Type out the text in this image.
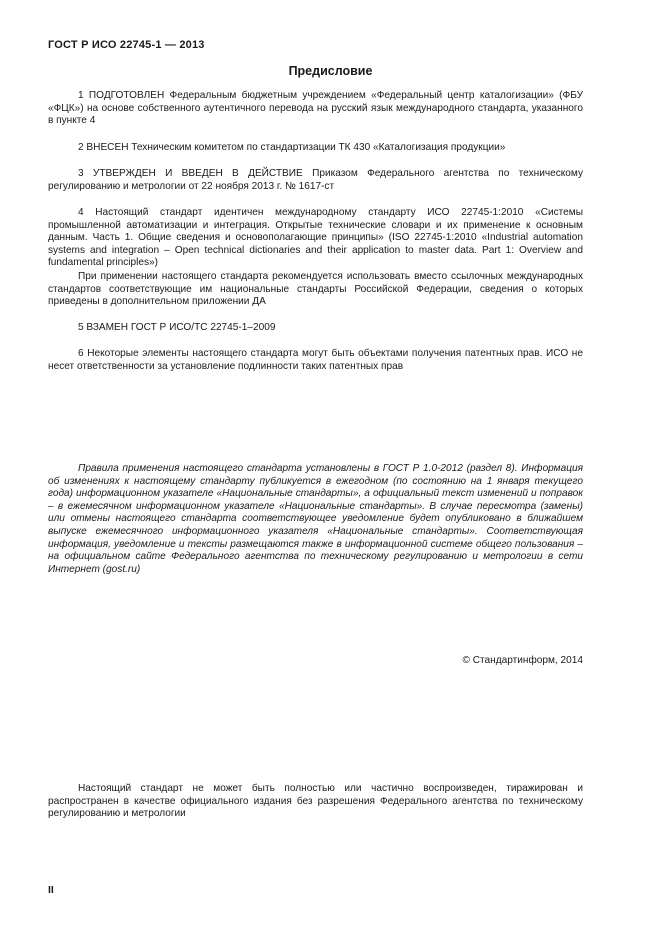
ГОСТ Р ИСО 22745-1 — 2013
Предисловие
1 ПОДГОТОВЛЕН Федеральным бюджетным учреждением «Федеральный центр каталогизации» (ФБУ «ФЦК») на основе собственного аутентичного перевода на русский язык международного стандарта, указанного в пункте 4
2 ВНЕСЕН Техническим комитетом по стандартизации ТК 430 «Каталогизация продукции»
3 УТВЕРЖДЕН И ВВЕДЕН В ДЕЙСТВИЕ Приказом Федерального агентства по техническому регулированию и метрологии от 22 ноября 2013 г. № 1617-ст
4 Настоящий стандарт идентичен международному стандарту ИСО 22745-1:2010 «Системы промышленной автоматизации и интеграция. Открытые технические словари и их применение к основным данным. Часть 1. Общие сведения и основополагающие принципы» (ISO 22745-1:2010 «Industrial automation systems and integration – Open technical dictionaries and their application to master data. Part 1: Overview and fundamental principles»)
При применении настоящего стандарта рекомендуется использовать вместо ссылочных международных стандартов соответствующие им национальные стандарты Российской Федерации, сведения о которых приведены в дополнительном приложении ДА
5 ВЗАМЕН ГОСТ Р ИСО/ТС 22745-1–2009
6 Некоторые элементы настоящего стандарта могут быть объектами получения патентных прав. ИСО не несет ответственности за установление подлинности таких патентных прав
Правила применения настоящего стандарта установлены в ГОСТ Р 1.0-2012 (раздел 8). Информация об изменениях к настоящему стандарту публикуется в ежегодном (по состоянию на 1 января текущего года) информационном указателе «Национальные стандарты», а официальный текст изменений и поправок – в ежемесячном информационном указателе «Национальные стандарты». В случае пересмотра (замены) или отмены настоящего стандарта соответствующее уведомление будет опубликовано в ближайшем выпуске ежемесячного информационного указателя «Национальные стандарты». Соответствующая информация, уведомление и тексты размещаются также в информационной системе общего пользования – на официальном сайте Федерального агентства по техническому регулированию и метрологии в сети Интернет (gost.ru)
© Стандартинформ, 2014
Настоящий стандарт не может быть полностью или частично воспроизведен, тиражирован и распространен в качестве официального издания без разрешения Федерального агентства по техническому регулированию и метрологии
II
